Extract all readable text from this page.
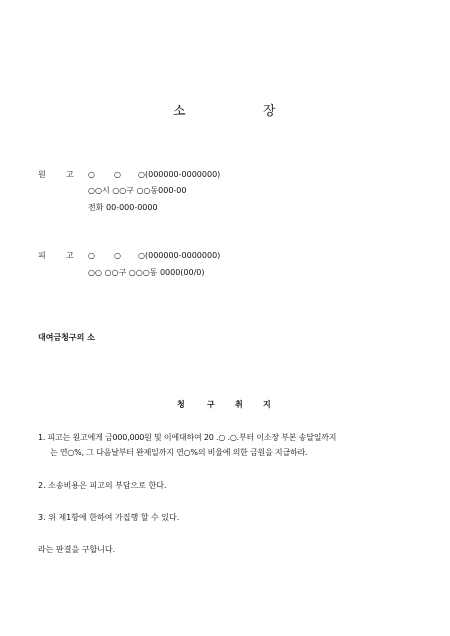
소	장
원	고 ○ ○ ○(000000-0000000)
○○시 ○○구 ○○동000-00
전화 00-000-0000
피	고 ○ ○ ○(000000-0000000)
○○ ○○구 ○○○동 0000(00/0)
대여금청구의 소
청	구	취	지
1. 피고는 원고에게 금000,000원 및 이에대하여 20 .○ .○.부터 이소장 부본 송달일까지
는 연○%, 그 다음날부터 완제일까지 연○%의 비율에 의한 금원을 지급하라.
2. 소송비용은 피고의 부담으로 한다.
3. 위 제1항에 한하여 가집행 할 수 있다.
라는 판결을 구합니다.
